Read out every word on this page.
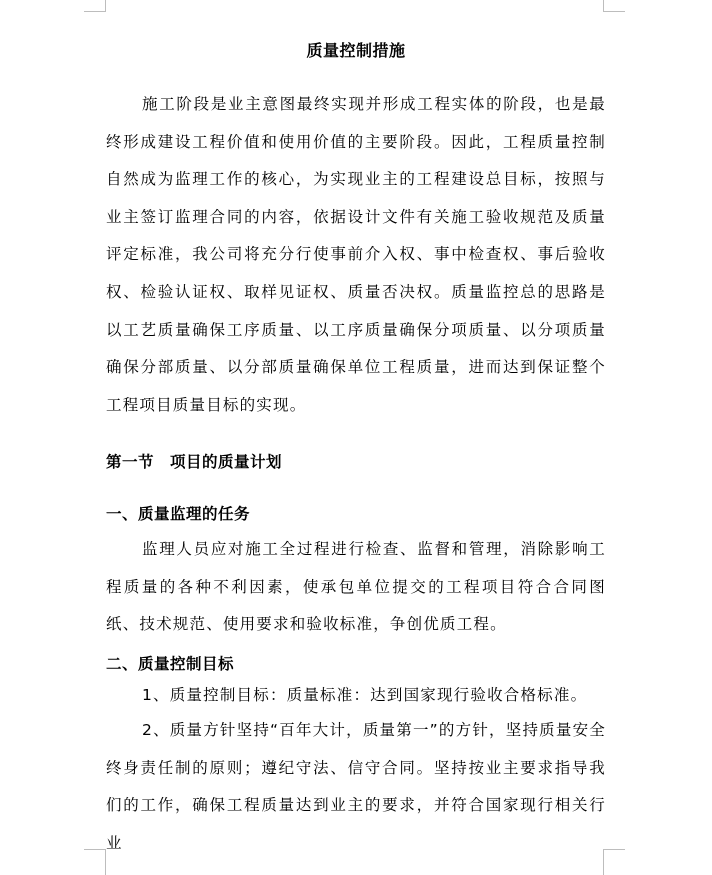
质量控制措施

施工阶段是业主意图最终实现并形成工程实体的阶段，也是最终形成建设工程价值和使用价值的主要阶段。因此，工程质量控制自然成为监理工作的核心，为实现业主的工程建设总目标，按照与业主签订监理合同的内容，依据设计文件有关施工验收规范及质量评定标准，我公司将充分行使事前介入权、事中检查权、事后验收权、检验认证权、取样见证权、质量否决权。质量监控总的思路是以工艺质量确保工序质量、以工序质量确保分项质量、以分项质量确保分部质量、以分部质量确保单位工程质量，进而达到保证整个工程项目质量目标的实现。

第一节　项目的质量计划
一、质量监理的任务

监理人员应对施工全过程进行检查、监督和管理，消除影响工程质量的各种不利因素，使承包单位提交的工程项目符合合同图纸、技术规范、使用要求和验收标准，争创优质工程。

二、质量控制目标
1、质量控制目标：质量标准：达到国家现行验收合格标准。

2、质量方针坚持“百年大计，质量第一”的方针，坚持质量安全终身责任制的原则；遵纪守法、信守合同。坚持按业主要求指导我们的工作，确保工程质量达到业主的要求，并符合国家现行相关行业
